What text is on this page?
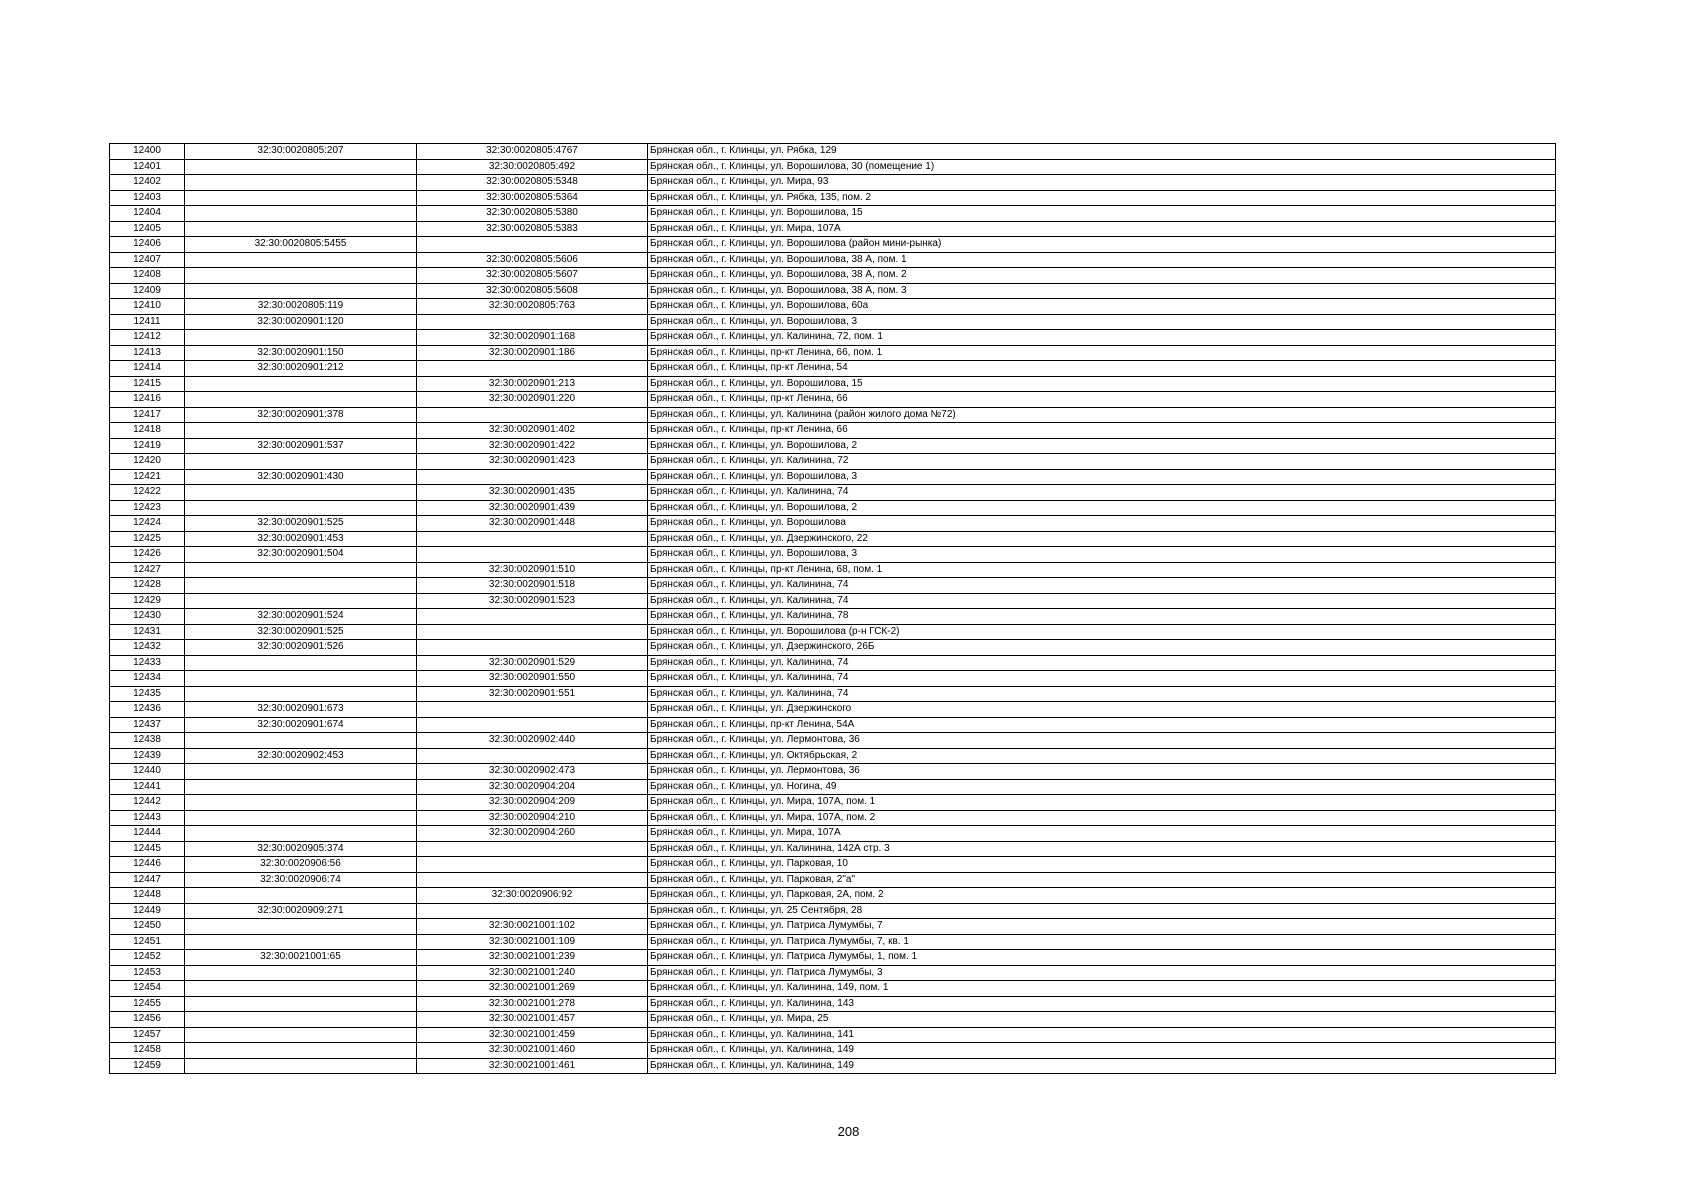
12400	32:30:0020805:207	32:30:0020805:4767	Брянская обл., г. Клинцы, ул. Рябка, 129
12401		32:30:0020805:492	Брянская обл., г. Клинцы, ул. Ворошилова, 30 (помещение 1)
12402		32:30:0020805:5348	Брянская обл., г. Клинцы, ул. Мира, 93
12403		32:30:0020805:5364	Брянская обл., г. Клинцы, ул. Рябка, 135, пом. 2
12404		32:30:0020805:5380	Брянская обл., г. Клинцы, ул. Ворошилова, 15
12405		32:30:0020805:5383	Брянская обл., г. Клинцы, ул. Мира, 107А
12406	32:30:0020805:5455		Брянская обл., г. Клинцы, ул. Ворошилова (район мини-рынка)
12407		32:30:0020805:5606	Брянская обл., г. Клинцы, ул. Ворошилова, 38 А, пом. 1
12408		32:30:0020805:5607	Брянская обл., г. Клинцы, ул. Ворошилова, 38 А, пом. 2
12409		32:30:0020805:5608	Брянская обл., г. Клинцы, ул. Ворошилова, 38 А, пом. 3
12410	32:30:0020805:119	32:30:0020805:763	Брянская обл., г. Клинцы, ул. Ворошилова, 60а
12411	32:30:0020901:120		Брянская обл., г. Клинцы, ул. Ворошилова, 3
12412		32:30:0020901:168	Брянская обл., г. Клинцы, ул. Калинина, 72, пом. 1
12413	32:30:0020901:150	32:30:0020901:186	Брянская обл., г. Клинцы, пр-кт Ленина, 66, пом. 1
12414	32:30:0020901:212		Брянская обл., г. Клинцы, пр-кт Ленина, 54
12415		32:30:0020901:213	Брянская обл., г. Клинцы, ул. Ворошилова, 15
12416		32:30:0020901:220	Брянская обл., г. Клинцы, пр-кт Ленина, 66
12417	32:30:0020901:378		Брянская обл., г. Клинцы, ул. Калинина (район жилого дома №72)
12418		32:30:0020901:402	Брянская обл., г. Клинцы, пр-кт Ленина, 66
12419	32:30:0020901:537	32:30:0020901:422	Брянская обл., г. Клинцы, ул. Ворошилова, 2
12420		32:30:0020901:423	Брянская обл., г. Клинцы, ул. Калинина, 72
12421	32:30:0020901:430		Брянская обл., г. Клинцы, ул. Ворошилова, 3
12422		32:30:0020901:435	Брянская обл., г. Клинцы, ул. Калинина, 74
12423		32:30:0020901:439	Брянская обл., г. Клинцы, ул. Ворошилова, 2
12424	32:30:0020901:525	32:30:0020901:448	Брянская обл., г. Клинцы, ул. Ворошилова
12425	32:30:0020901:453		Брянская обл., г. Клинцы, ул. Дзержинского, 22
12426	32:30:0020901:504		Брянская обл., г. Клинцы, ул. Ворошилова, 3
12427		32:30:0020901:510	Брянская обл., г. Клинцы, пр-кт Ленина, 68, пом. 1
12428		32:30:0020901:518	Брянская обл., г. Клинцы, ул. Калинина, 74
12429		32:30:0020901:523	Брянская обл., г. Клинцы, ул. Калинина, 74
12430	32:30:0020901:524		Брянская обл., г. Клинцы, ул. Калинина, 78
12431	32:30:0020901:525		Брянская обл., г. Клинцы, ул. Ворошилова (р-н ГСК-2)
12432	32:30:0020901:526		Брянская обл., г. Клинцы, ул. Дзержинского, 26Б
12433		32:30:0020901:529	Брянская обл., г. Клинцы, ул. Калинина, 74
12434		32:30:0020901:550	Брянская обл., г. Клинцы, ул. Калинина, 74
12435		32:30:0020901:551	Брянская обл., г. Клинцы, ул. Калинина, 74
12436	32:30:0020901:673		Брянская обл., г. Клинцы, ул. Дзержинского
12437	32:30:0020901:674		Брянская обл., г. Клинцы, пр-кт Ленина, 54А
12438		32:30:0020902:440	Брянская обл., г. Клинцы, ул. Лермонтова, 36
12439	32:30:0020902:453		Брянская обл., г. Клинцы, ул. Октябрьская, 2
12440		32:30:0020902:473	Брянская обл., г. Клинцы, ул. Лермонтова, 36
12441		32:30:0020904:204	Брянская обл., г. Клинцы, ул. Ногина, 49
12442		32:30:0020904:209	Брянская обл., г. Клинцы, ул. Мира, 107А, пом. 1
12443		32:30:0020904:210	Брянская обл., г. Клинцы, ул. Мира, 107А, пом. 2
12444		32:30:0020904:260	Брянская обл., г. Клинцы, ул. Мира, 107А
12445	32:30:0020905:374		Брянская обл., г. Клинцы, ул. Калинина, 142А стр. 3
12446	32:30:0020906:56		Брянская обл., г. Клинцы, ул. Парковая, 10
12447	32:30:0020906:74		Брянская обл., г. Клинцы, ул. Парковая, 2"а"
12448		32:30:0020906:92	Брянская обл., г. Клинцы, ул. Парковая, 2А, пом. 2
12449	32:30:0020909:271		Брянская обл., г. Клинцы, ул. 25 Сентября, 28
12450		32:30:0021001:102	Брянская обл., г. Клинцы, ул. Патриса Лумумбы, 7
12451		32:30:0021001:109	Брянская обл., г. Клинцы, ул. Патриса Лумумбы, 7, кв. 1
12452	32:30:0021001:65	32:30:0021001:239	Брянская обл., г. Клинцы, ул. Патриса Лумумбы, 1, пом. 1
12453		32:30:0021001:240	Брянская обл., г. Клинцы, ул. Патриса Лумумбы, 3
12454		32:30:0021001:269	Брянская обл., г. Клинцы, ул. Калинина, 149, пом. 1
12455		32:30:0021001:278	Брянская обл., г. Клинцы, ул. Калинина, 143
12456		32:30:0021001:457	Брянская обл., г. Клинцы, ул. Мира, 25
12457		32:30:0021001:459	Брянская обл., г. Клинцы, ул. Калинина, 141
12458		32:30:0021001:460	Брянская обл., г. Клинцы, ул. Калинина, 149
12459		32:30:0021001:461	Брянская обл., г. Клинцы, ул. Калинина, 149
208
